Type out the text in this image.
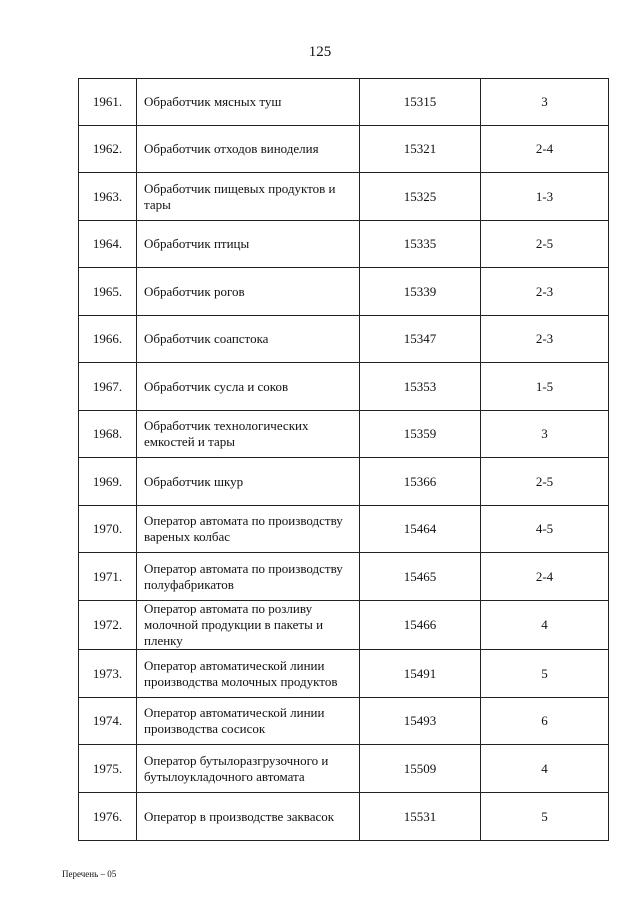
125
1961.	Обработчик мясных туш	15315	3
1962.	Обработчик отходов виноделия	15321	2-4
1963.	Обработчик пищевых продуктов и тары	15325	1-3
1964.	Обработчик птицы	15335	2-5
1965.	Обработчик рогов	15339	2-3
1966.	Обработчик соапстока	15347	2-3
1967.	Обработчик сусла и соков	15353	1-5
1968.	Обработчик технологических емкостей и тары	15359	3
1969.	Обработчик шкур	15366	2-5
1970.	Оператор автомата по производству вареных колбас	15464	4-5
1971.	Оператор автомата по производству полуфабрикатов	15465	2-4
1972.	Оператор автомата по розливу молочной продукции в пакеты и пленку	15466	4
1973.	Оператор автоматической линии производства молочных продуктов	15491	5
1974.	Оператор автоматической линии производства сосисок	15493	6
1975.	Оператор бутылоразгрузочного и бутылоукладочного автомата	15509	4
1976.	Оператор в производстве заквасок	15531	5
Перечень – 05
